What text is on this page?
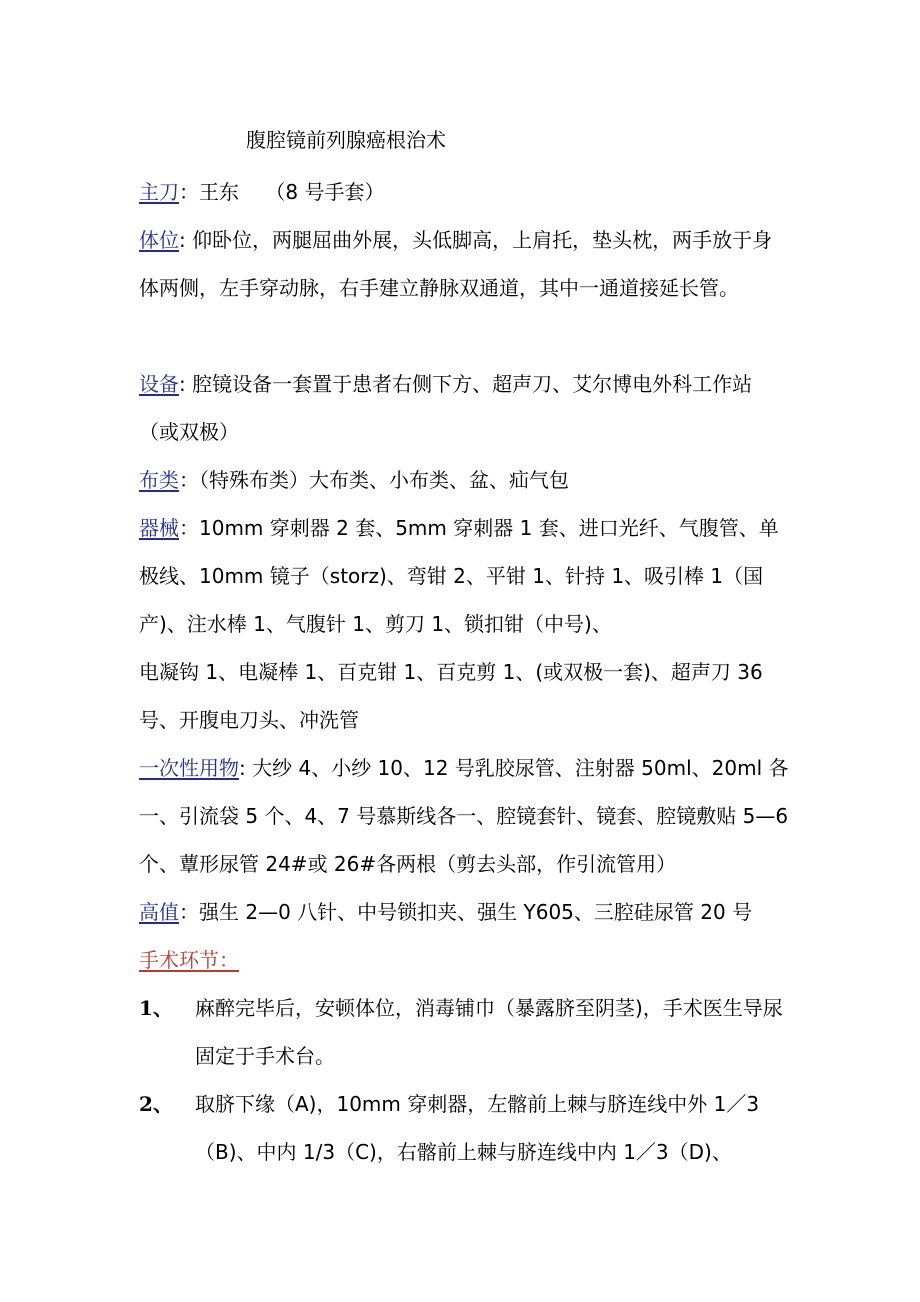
腹腔镜前列腺癌根治术
主刀：王东　 （8 号手套）
体位: 仰卧位，两腿屈曲外展，头低脚高，上肩托，垫头枕，两手放于身体两侧，左手穿动脉，右手建立静脉双通道，其中一通道接延长管。
设备: 腔镜设备一套置于患者右侧下方、超声刀、艾尔博电外科工作站（或双极）
布类：（特殊布类）大布类、小布类、盆、疝气包
器械：10mm 穿刺器 2 套、5mm 穿刺器 1 套、进口光纤、气腹管、单极线、10mm 镜子（storz)、弯钳 2、平钳 1、针持 1、吸引棒 1（国产)、注水棒 1、气腹针 1、剪刀 1、锁扣钳（中号)、
电凝钩 1、电凝棒 1、百克钳 1、百克剪 1、(或双极一套)、超声刀 36 号、开腹电刀头、冲洗管
一次性用物: 大纱 4、小纱 10、12 号乳胶尿管、注射器 50ml、20ml 各一、引流袋 5 个、4、7 号慕斯线各一、腔镜套针、镜套、腔镜敷贴 5—6 个、蕈形尿管 24#或 26#各两根（剪去头部，作引流管用）
高值：强生 2—0 八针、中号锁扣夹、强生 Y605、三腔硅尿管 20 号
手术环节：
1、 麻醉完毕后，安顿体位，消毒铺巾（暴露脐至阴茎)，手术医生导尿固定于手术台。
2、 取脐下缘（A)，10mm 穿刺器，左髂前上棘与脐连线中外 1／3（B)、中内 1/3（C)，右髂前上棘与脐连线中内 1／3（D)、
